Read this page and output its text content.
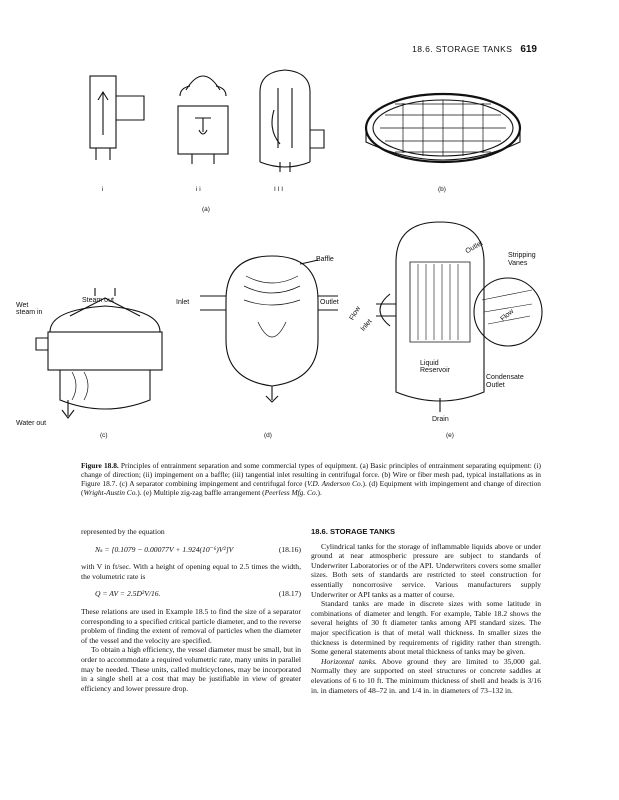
18.6. STORAGE TANKS 619
i	i i	I I I
(a)
(b)
Steam out
Wet
steam in
Water out
(c)
Baffle
Inlet	Outlet
(d)
Outlet
Stripping
Vanes
Flow
Inlet
Flow
Liquid
Reservoir
Condensate
Outlet
Drain
(e)
Figure 18.8. Principles of entrainment separation and some commercial types of equipment. (a) Basic principles of entrainment separating equipment: (i) change of direction; (ii) impingement on a baffle; (iii) tangential inlet resulting in centrifugal force. (b) Wire or fiber mesh pad, typical installations as in Figure 18.7. (c) A separator combining impingement and centrifugal force (V.D. Anderson Co.). (d) Equipment with impingement and change of direction (Wright-Austin Co.). (e) Multiple zig-zag baffle arrangement (Peerless Mfg. Co.).

represented by the equation

Nₛ = [0.1079 − 0.00077V + 1.924(10⁻⁶)V²]V	(18.16)

with V in ft/sec. With a height of opening equal to 2.5 times the width, the volumetric rate is

Q = AV = 2.5D²V/16.	(18.17)

These relations are used in Example 18.5 to find the size of a separator corresponding to a specified critical particle diameter, and to the reverse problem of finding the extent of removal of particles when the diameter of the vessel and the velocity are specified.

To obtain a high efficiency, the vessel diameter must be small, but in order to accommodate a required volumetric rate, many units in parallel may be needed. These units, called multicyclones, may be incorporated in a single shell at a cost that may be justifiable in view of greater efficiency and lower pressure drop.

18.6. STORAGE TANKS

Cylindrical tanks for the storage of inflammable liquids above or under ground at near atmospheric pressure are subject to standards of Underwriter Laboratories or of the API. Underwriters covers some smaller sizes. Both sets of standards are restricted to steel construction for essentially noncorrosive service. Various manufacturers supply Underwriter or API tanks as a matter of course.

Standard tanks are made in discrete sizes with some latitude in combinations of diameter and length. For example, Table 18.2 shows the several heights of 30 ft diameter tanks among API standard sizes. The major specification is that of metal wall thickness. In smaller sizes the thickness is determined by requirements of rigidity rather than strength. Some general statements about metal thickness of tanks may be given.

Horizontal tanks. Above ground they are limited to 35,000 gal. Normally they are supported on steel structures or concrete saddles at elevations of 6 to 10 ft. The minimum thickness of shell and heads is 3/16 in. in diameters of 48–72 in. and 1/4 in. in diameters of 73–132 in.
